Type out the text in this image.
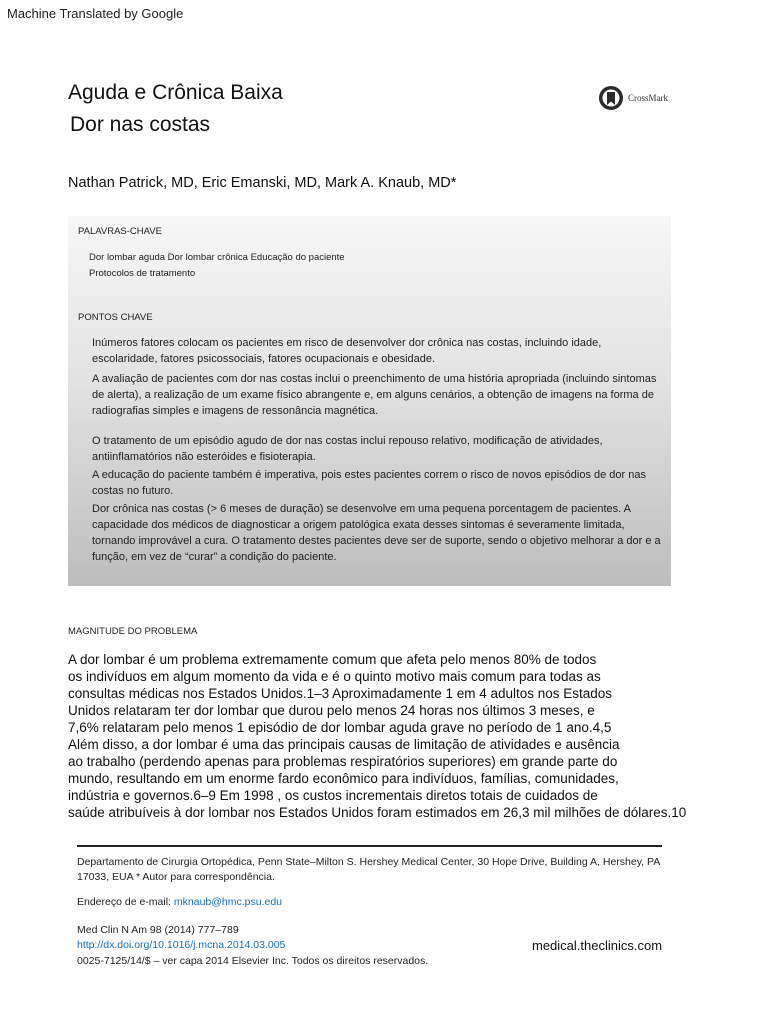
Machine Translated by Google
Aguda e Crônica Baixa
Dor nas costas
CrossMark
Nathan Patrick, MD, Eric Emanski, MD, Mark A. Knaub, MD*
PALAVRAS-CHAVE
Dor lombar aguda Dor lombar crônica Educação do paciente
Protocolos de tratamento
PONTOS CHAVE
Inúmeros fatores colocam os pacientes em risco de desenvolver dor crônica nas costas, incluindo idade, escolaridade, fatores psicossociais, fatores ocupacionais e obesidade.
A avaliação de pacientes com dor nas costas inclui o preenchimento de uma história apropriada (incluindo sintomas de alerta), a realização de um exame físico abrangente e, em alguns cenários, a obtenção de imagens na forma de radiografias simples e imagens de ressonância magnética.
O tratamento de um episódio agudo de dor nas costas inclui repouso relativo, modificação de atividades, antiinflamatórios não esteróides e fisioterapia.
A educação do paciente também é imperativa, pois estes pacientes correm o risco de novos episódios de dor nas costas no futuro.
Dor crônica nas costas (> 6 meses de duração) se desenvolve em uma pequena porcentagem de pacientes. A capacidade dos médicos de diagnosticar a origem patológica exata desses sintomas é severamente limitada, tornando improvável a cura. O tratamento destes pacientes deve ser de suporte, sendo o objetivo melhorar a dor e a função, em vez de “curar” a condição do paciente.
MAGNITUDE DO PROBLEMA
A dor lombar é um problema extremamente comum que afeta pelo menos 80% de todos
os indivíduos em algum momento da vida e é o quinto motivo mais comum para todas as
consultas médicas nos Estados Unidos.1–3 Aproximadamente 1 em 4 adultos nos Estados
Unidos relataram ter dor lombar que durou pelo menos 24 horas nos últimos 3 meses, e
7,6% relataram pelo menos 1 episódio de dor lombar aguda grave no período de 1 ano.4,5
Além disso, a dor lombar é uma das principais causas de limitação de atividades e ausência
ao trabalho (perdendo apenas para problemas respiratórios superiores) em grande parte do
mundo, resultando em um enorme fardo econômico para indivíduos, famílias, comunidades,
indústria e governos.6–9 Em 1998 , os custos incrementais diretos totais de cuidados de
saúde atribuíveis à dor lombar nos Estados Unidos foram estimados em 26,3 mil milhões de dólares.10
Departamento de Cirurgia Ortopédica, Penn State–Milton S. Hershey Medical Center, 30 Hope Drive, Building A, Hershey, PA 17033, EUA * Autor para correspondência.
Endereço de e-mail: mknaub@hmc.psu.edu
Med Clin N Am 98 (2014) 777–789
http://dx.doi.org/10.1016/j.mcna.2014.03.005
0025-7125/14/$ – ver capa 2014 Elsevier Inc. Todos os direitos reservados.
medical.theclinics.com
